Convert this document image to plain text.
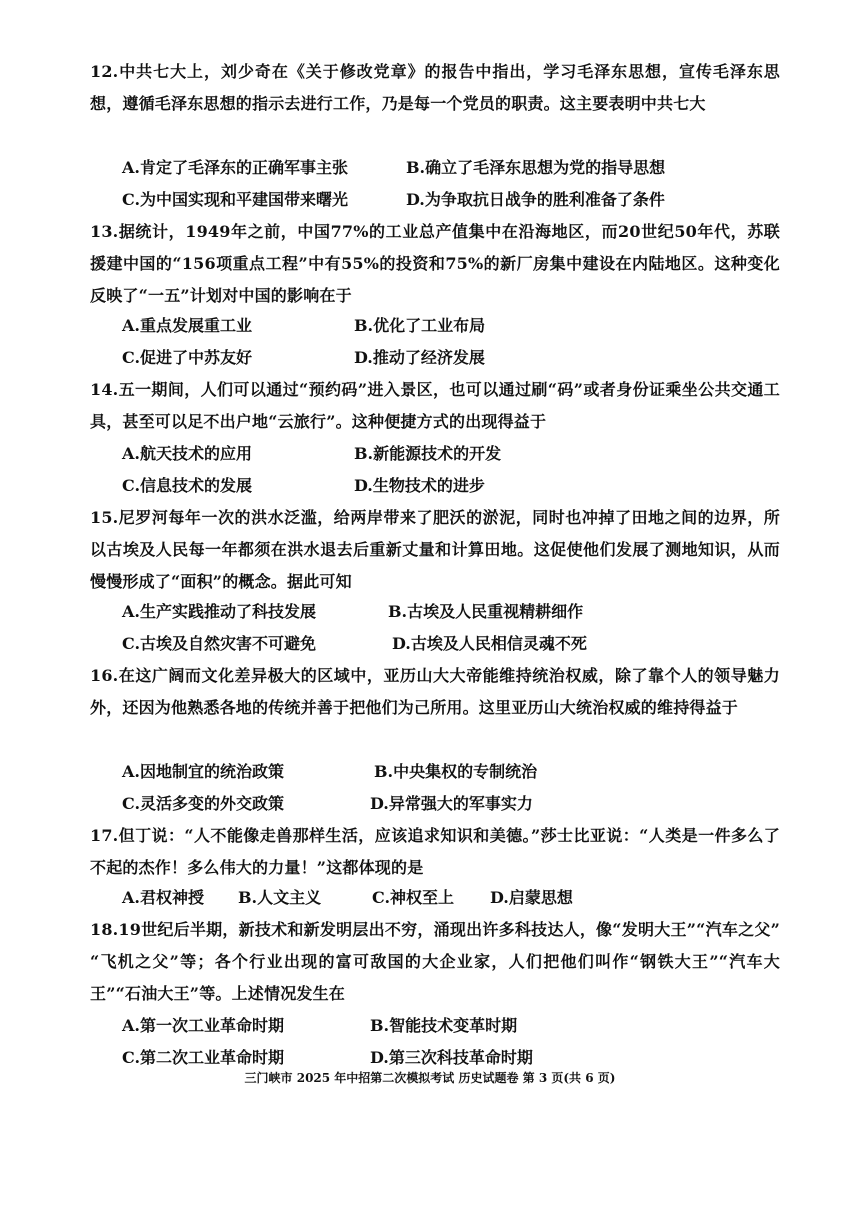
12.中共七大上，刘少奇在《关于修改党章》的报告中指出，学习毛泽东思想，宣传毛泽东思想，遵循毛泽东思想的指示去进行工作，乃是每一个党员的职责。这主要表明中共七大
A.肯定了毛泽东的正确军事主张	B.确立了毛泽东思想为党的指导思想
C.为中国实现和平建国带来曙光	D.为争取抗日战争的胜利准备了条件
13.据统计，1949年之前，中国77%的工业总产值集中在沿海地区，而20世纪50年代，苏联援建中国的“156项重点工程”中有55%的投资和75%的新厂房集中建设在内陆地区。这种变化反映了“一五”计划对中国的影响在于
A.重点发展重工业	B.优化了工业布局
C.促进了中苏友好	D.推动了经济发展
14.五一期间，人们可以通过“预约码”进入景区，也可以通过刷“码”或者身份证乘坐公共交通工具，甚至可以足不出户地“云旅行”。这种便捷方式的出现得益于
A.航天技术的应用	B.新能源技术的开发
C.信息技术的发展	D.生物技术的进步
15.尼罗河每年一次的洪水泛滥，给两岸带来了肥沃的淤泥，同时也冲掉了田地之间的边界，所以古埃及人民每一年都须在洪水退去后重新丈量和计算田地。这促使他们发展了测地知识，从而慢慢形成了“面积”的概念。据此可知
A.生产实践推动了科技发展	B.古埃及人民重视精耕细作
C.古埃及自然灾害不可避免	D.古埃及人民相信灵魂不死
16.在这广阔而文化差异极大的区域中，亚历山大大帝能维持统治权威，除了靠个人的领导魅力外，还因为他熟悉各地的传统并善于把他们为己所用。这里亚历山大统治权威的维持得益于
A.因地制宜的统治政策	B.中央集权的专制统治
C.灵活多变的外交政策	D.异常强大的军事实力
17.但丁说：“人不能像走兽那样生活，应该追求知识和美德。”莎士比亚说：“人类是一件多么了不起的杰作！多么伟大的力量！”这都体现的是
A.君权神授 B.人文主义	C.神权至上 D.启蒙思想
18.19世纪后半期，新技术和新发明层出不穷，涌现出许多科技达人，像“发明大王”“汽车之父” “飞机之父”等；各个行业出现的富可敌国的大企业家，人们把他们叫作“钢铁大王”“汽车大王”“石油大王”等。上述情况发生在
A.第一次工业革命时期	B.智能技术变革时期
C.第二次工业革命时期	D.第三次科技革命时期
三门峡市 2025 年中招第二次模拟考试 历史试题卷 第 3 页(共 6 页)
